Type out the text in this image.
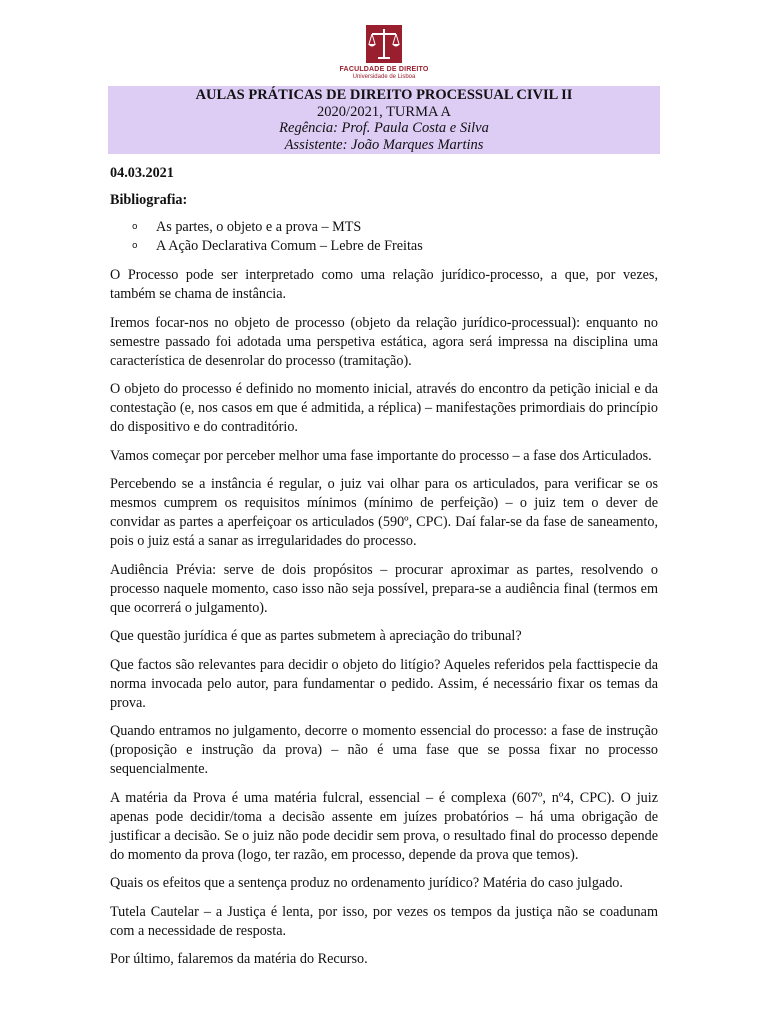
FACULDADE DE DIREITO
Universidade de Lisboa
AULAS PRÁTICAS DE DIREITO PROCESSUAL CIVIL II
2020/2021, TURMA A
Regência: Prof. Paula Costa e Silva
Assistente: João Marques Martins
04.03.2021
Bibliografia:
o As partes, o objeto e a prova – MTS
o A Ação Declarativa Comum – Lebre de Freitas

O Processo pode ser interpretado como uma relação jurídico-processo, a que, por vezes, também se chama de instância.

Iremos focar-nos no objeto de processo (objeto da relação jurídico-processual): enquanto no semestre passado foi adotada uma perspetiva estática, agora será impressa na disciplina uma característica de desenrolar do processo (tramitação).

O objeto do processo é definido no momento inicial, através do encontro da petição inicial e da contestação (e, nos casos em que é admitida, a réplica) – manifestações primordiais do princípio do dispositivo e do contraditório.

Vamos começar por perceber melhor uma fase importante do processo – a fase dos Articulados.

Percebendo se a instância é regular, o juiz vai olhar para os articulados, para verificar se os mesmos cumprem os requisitos mínimos (mínimo de perfeição) – o juiz tem o dever de convidar as partes a aperfeiçoar os articulados (590º, CPC). Daí falar-se da fase de saneamento, pois o juiz está a sanar as irregularidades do processo.

Audiência Prévia: serve de dois propósitos – procurar aproximar as partes, resolvendo o processo naquele momento, caso isso não seja possível, prepara-se a audiência final (termos em que ocorrerá o julgamento).

Que questão jurídica é que as partes submetem à apreciação do tribunal?

Que factos são relevantes para decidir o objeto do litígio? Aqueles referidos pela facttispecie da norma invocada pelo autor, para fundamentar o pedido. Assim, é necessário fixar os temas da prova.

Quando entramos no julgamento, decorre o momento essencial do processo: a fase de instrução (proposição e instrução da prova) – não é uma fase que se possa fixar no processo sequencialmente.

A matéria da Prova é uma matéria fulcral, essencial – é complexa (607º, nº4, CPC). O juiz apenas pode decidir/toma a decisão assente em juízes probatórios – há uma obrigação de justificar a decisão. Se o juiz não pode decidir sem prova, o resultado final do processo depende do momento da prova (logo, ter razão, em processo, depende da prova que temos).

Quais os efeitos que a sentença produz no ordenamento jurídico? Matéria do caso julgado.

Tutela Cautelar – a Justiça é lenta, por isso, por vezes os tempos da justiça não se coadunam com a necessidade de resposta.

Por último, falaremos da matéria do Recurso.
